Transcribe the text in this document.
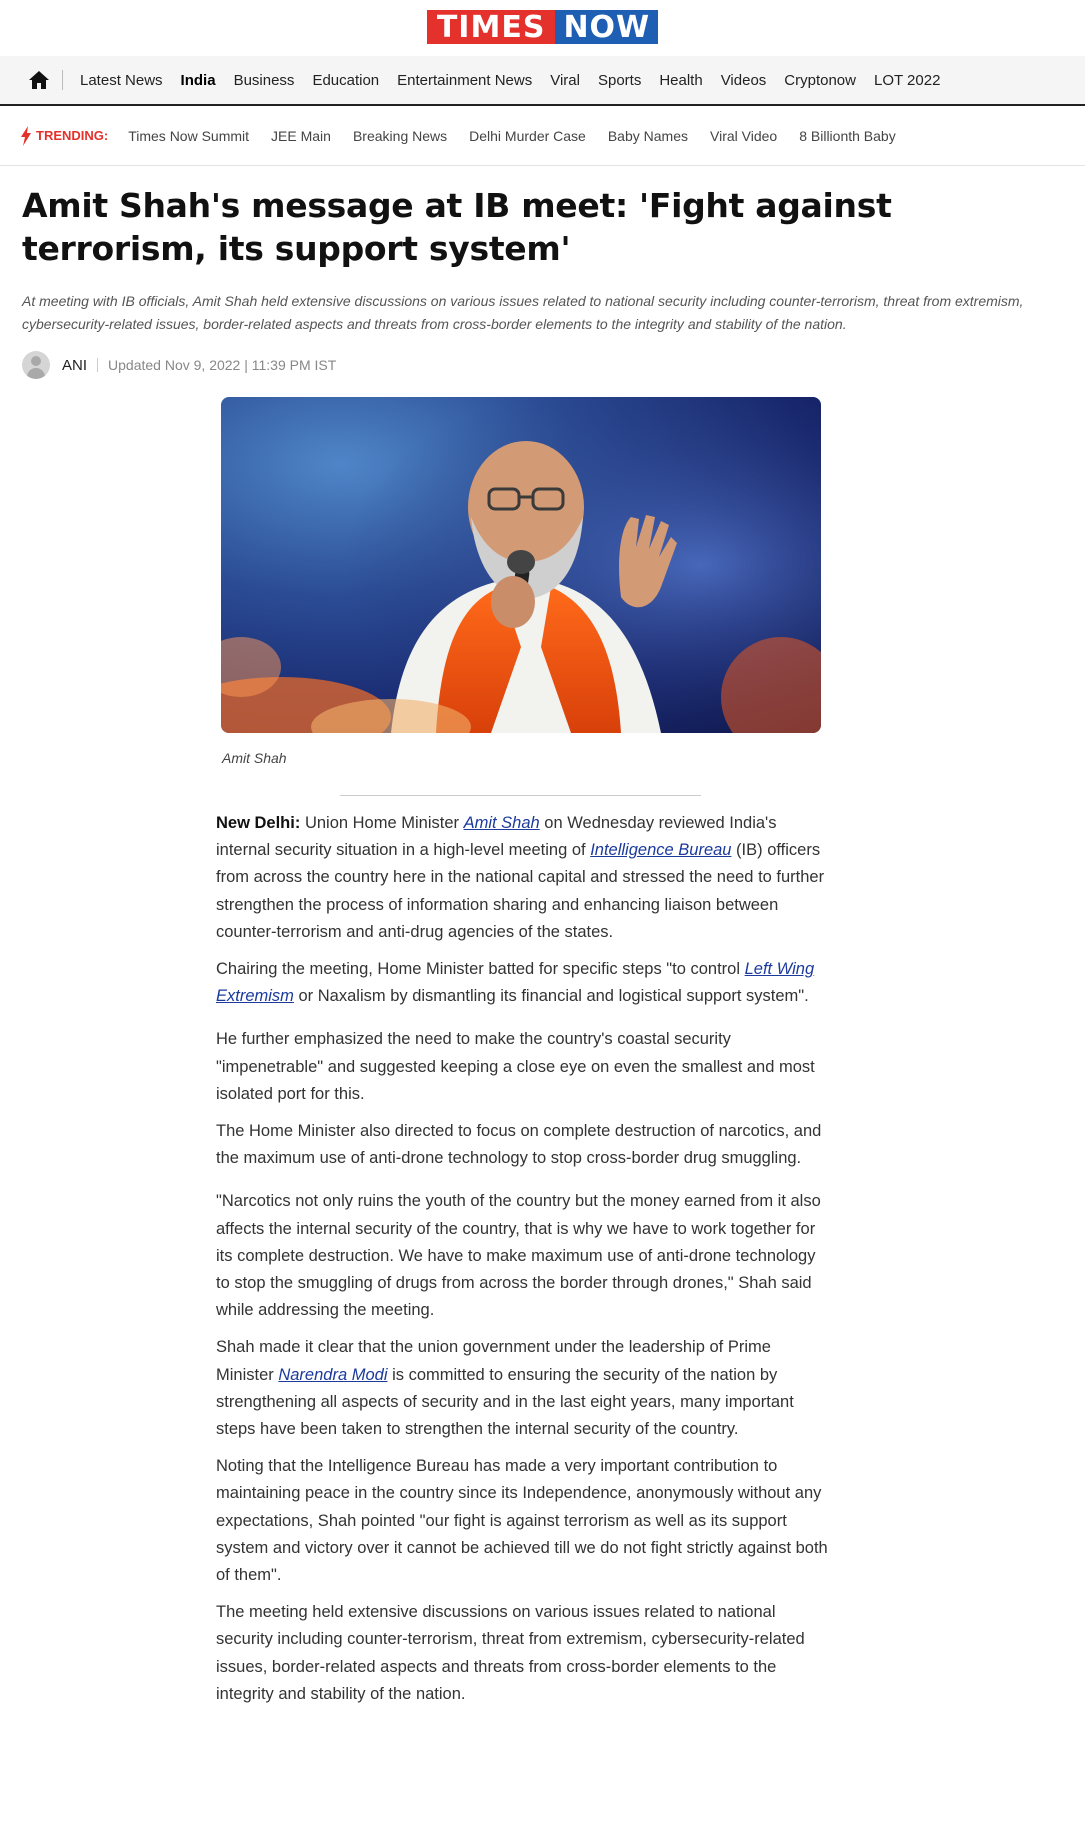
TIMES NOW
Latest News India Business Education Entertainment News Viral Sports Health Videos Cryptonow LOT 2022
TRENDING: Times Now Summit JEE Main Breaking News Delhi Murder Case Baby Names Viral Video 8 Billionth Baby
Amit Shah's message at IB meet: 'Fight against terrorism, its support system'

At meeting with IB officials, Amit Shah held extensive discussions on various issues related to national security including counter-terrorism, threat from extremism, cybersecurity-related issues, border-related aspects and threats from cross-border elements to the integrity and stability of the nation.

ANI Updated Nov 9, 2022 | 11:39 PM IST
Amit Shah

New Delhi: Union Home Minister Amit Shah on Wednesday reviewed India's internal security situation in a high-level meeting of Intelligence Bureau (IB) officers from across the country here in the national capital and stressed the need to further strengthen the process of information sharing and enhancing liaison between counter-terrorism and anti-drug agencies of the states.

Chairing the meeting, Home Minister batted for specific steps "to control Left Wing Extremism or Naxalism by dismantling its financial and logistical support system".

He further emphasized the need to make the country's coastal security "impenetrable" and suggested keeping a close eye on even the smallest and most isolated port for this.

The Home Minister also directed to focus on complete destruction of narcotics, and the maximum use of anti-drone technology to stop cross-border drug smuggling.

"Narcotics not only ruins the youth of the country but the money earned from it also affects the internal security of the country, that is why we have to work together for its complete destruction. We have to make maximum use of anti-drone technology to stop the smuggling of drugs from across the border through drones," Shah said while addressing the meeting.

Shah made it clear that the union government under the leadership of Prime Minister Narendra Modi is committed to ensuring the security of the nation by strengthening all aspects of security and in the last eight years, many important steps have been taken to strengthen the internal security of the country.

Noting that the Intelligence Bureau has made a very important contribution to maintaining peace in the country since its Independence, anonymously without any expectations, Shah pointed "our fight is against terrorism as well as its support system and victory over it cannot be achieved till we do not fight strictly against both of them".

The meeting held extensive discussions on various issues related to national security including counter-terrorism, threat from extremism, cybersecurity-related issues, border-related aspects and threats from cross-border elements to the integrity and stability of the nation.
